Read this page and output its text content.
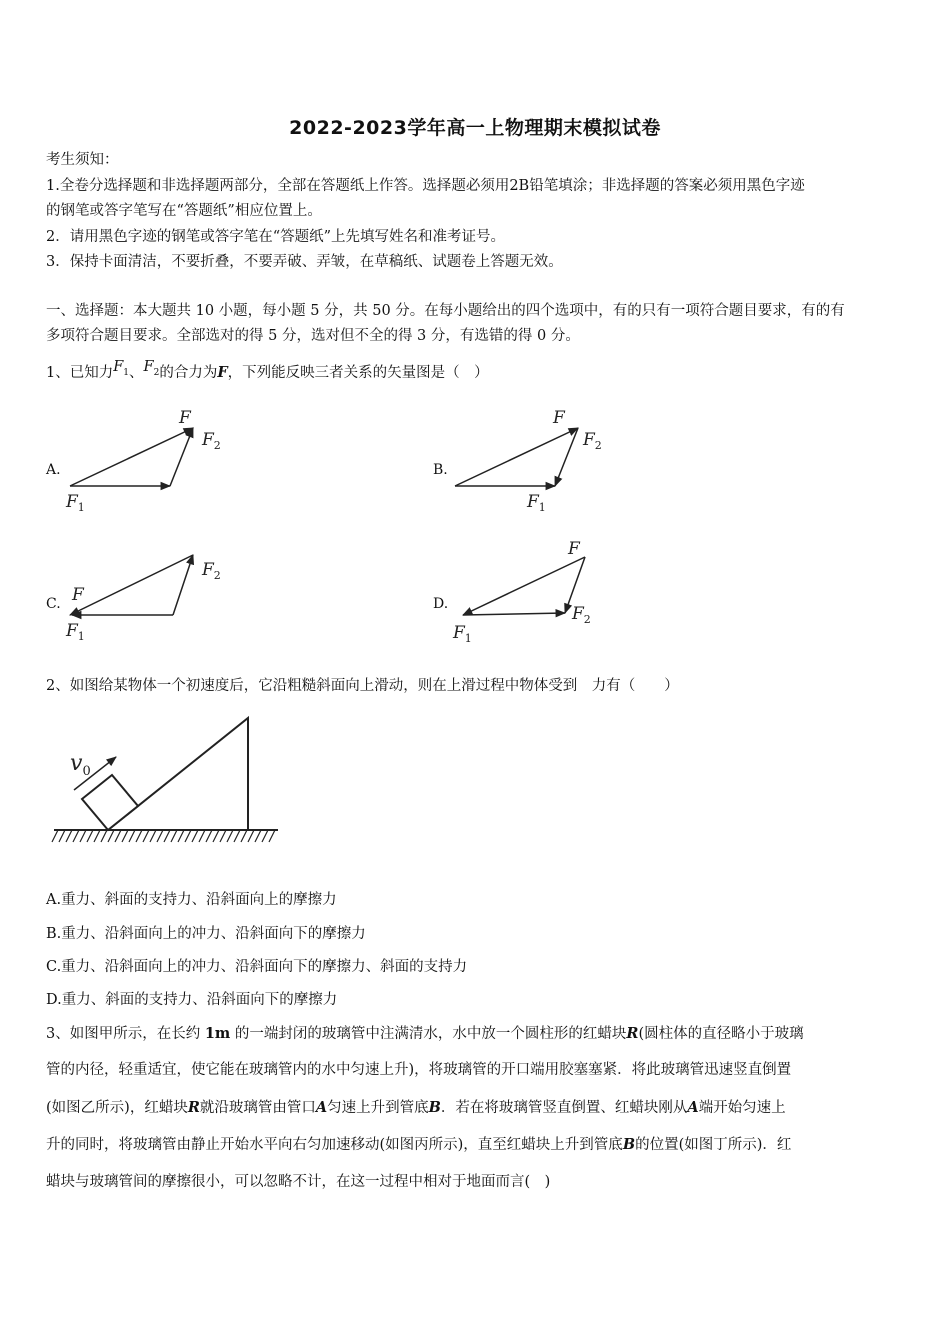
2022-2023学年高一上物理期末模拟试卷
考生须知：
1.全卷分选择题和非选择题两部分，全部在答题纸上作答。选择题必须用2B铅笔填涂；非选择题的答案必须用黑色字迹
的钢笔或答字笔写在“答题纸”相应位置上。
2．请用黑色字迹的钢笔或答字笔在“答题纸”上先填写姓名和准考证号。
3．保持卡面清洁，不要折叠，不要弄破、弄皱，在草稿纸、试题卷上答题无效。
一、选择题：本大题共 10 小题，每小题 5 分，共 50 分。在每小题给出的四个选项中，有的只有一项符合题目要求，有的有
多项符合题目要求。全部选对的得 5 分，选对但不全的得 3 分，有选错的得 0 分。
1、已知力$F_1$、$F_2$的合力为F，下列能反映三者关系的矢量图是（　）
A.
F
$F_2$
$F_1$
B.
F
$F_2$
$F_1$
C. F
$F_2$
$F_1$
D.
F
$F_2$
$F_1$
2、如图给某物体一个初速度后，它沿粗糙斜面向上滑动，则在上滑过程中物体受到　力有（　　）
$v_0$
A.重力、斜面的支持力、沿斜面向上的摩擦力
B.重力、沿斜面向上的冲力、沿斜面向下的摩擦力
C.重力、沿斜面向上的冲力、沿斜面向下的摩擦力、斜面的支持力
D.重力、斜面的支持力、沿斜面向下的摩擦力
3、如图甲所示，在长约 1m 的一端封闭的玻璃管中注满清水，水中放一个圆柱形的红蜡块R(圆柱体的直径略小于玻璃
管的内径，轻重适宜，使它能在玻璃管内的水中匀速上升)，将玻璃管的开口端用胶塞塞紧．将此玻璃管迅速竖直倒置
(如图乙所示)，红蜡块R就沿玻璃管由管口A匀速上升到管底B．若在将玻璃管竖直倒置、红蜡块刚从A端开始匀速上
升的同时，将玻璃管由静止开始水平向右匀加速移动(如图丙所示)，直至红蜡块上升到管底B的位置(如图丁所示)．红
蜡块与玻璃管间的摩擦很小，可以忽略不计，在这一过程中相对于地面而言(　)
